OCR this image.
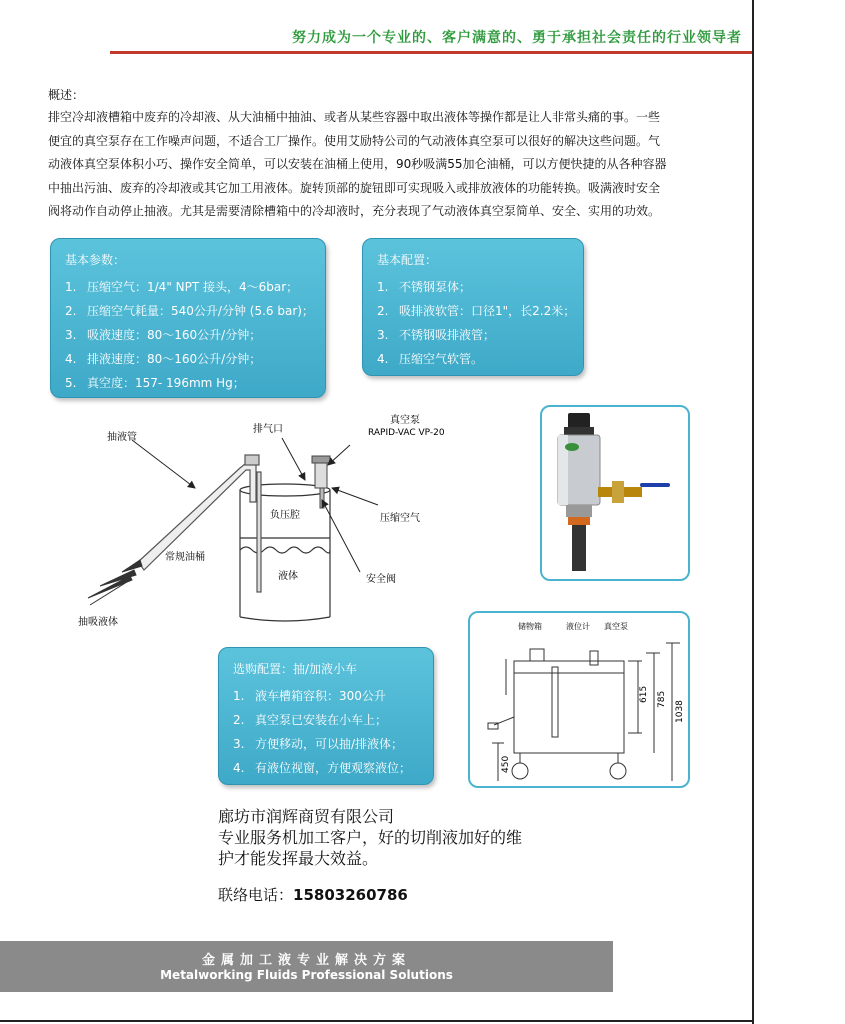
努力成为一个专业的、客户满意的、勇于承担社会责任的行业领导者
概述：

排空冷却液槽箱中废弃的冷却液、从大油桶中抽油、或者从某些容器中取出液体等操作都是让人非常头痛的事。一些

便宜的真空泵存在工作噪声问题，不适合工厂操作。使用艾励特公司的气动液体真空泵可以很好的解决这些问题。气

动液体真空泵体积小巧、操作安全简单，可以安装在油桶上使用，90秒吸满55加仑油桶，可以方便快捷的从各种容器

中抽出污油、废弃的冷却液或其它加工用液体。旋转顶部的旋钮即可实现吸入或排放液体的功能转换。吸满液时安全

阀将动作自动停止抽液。尤其是需要清除槽箱中的冷却液时，充分表现了气动液体真空泵简单、安全、实用的功效。

基本参数：
1. 压缩空气：1/4" NPT 接头，4～6bar；
2. 压缩空气耗量：540公升/分钟 (5.6 bar)；
3. 吸液速度：80～160公升/分钟；
4. 排液速度：80～160公升/分钟；
5. 真空度：157- 196mm Hg；
基本配置：
1. 不锈钢泵体；
2. 吸排液软管：口径1"，长2.2米；
3. 不锈钢吸排液管；
4. 压缩空气软管。
抽液管
排气口
真空泵
RAPID-VAC VP-20
负压腔	压缩空气
常规油桶
液体	安全阀
抽吸液体	储物箱	液位计 真空泵
615 785
1038
450
选购配置：抽/加液小车
1. 液车槽箱容积：300公升
2. 真空泵已安装在小车上；
3. 方便移动，可以抽/排液体；
4. 有液位视窗，方便观察液位；

廊坊市润辉商贸有限公司

专业服务机加工客户，好的切削液加好的维

护才能发挥最大效益。

联络电话：15803260786
金属加工液专业解决方案
Metalworking Fluids Professional Solutions
